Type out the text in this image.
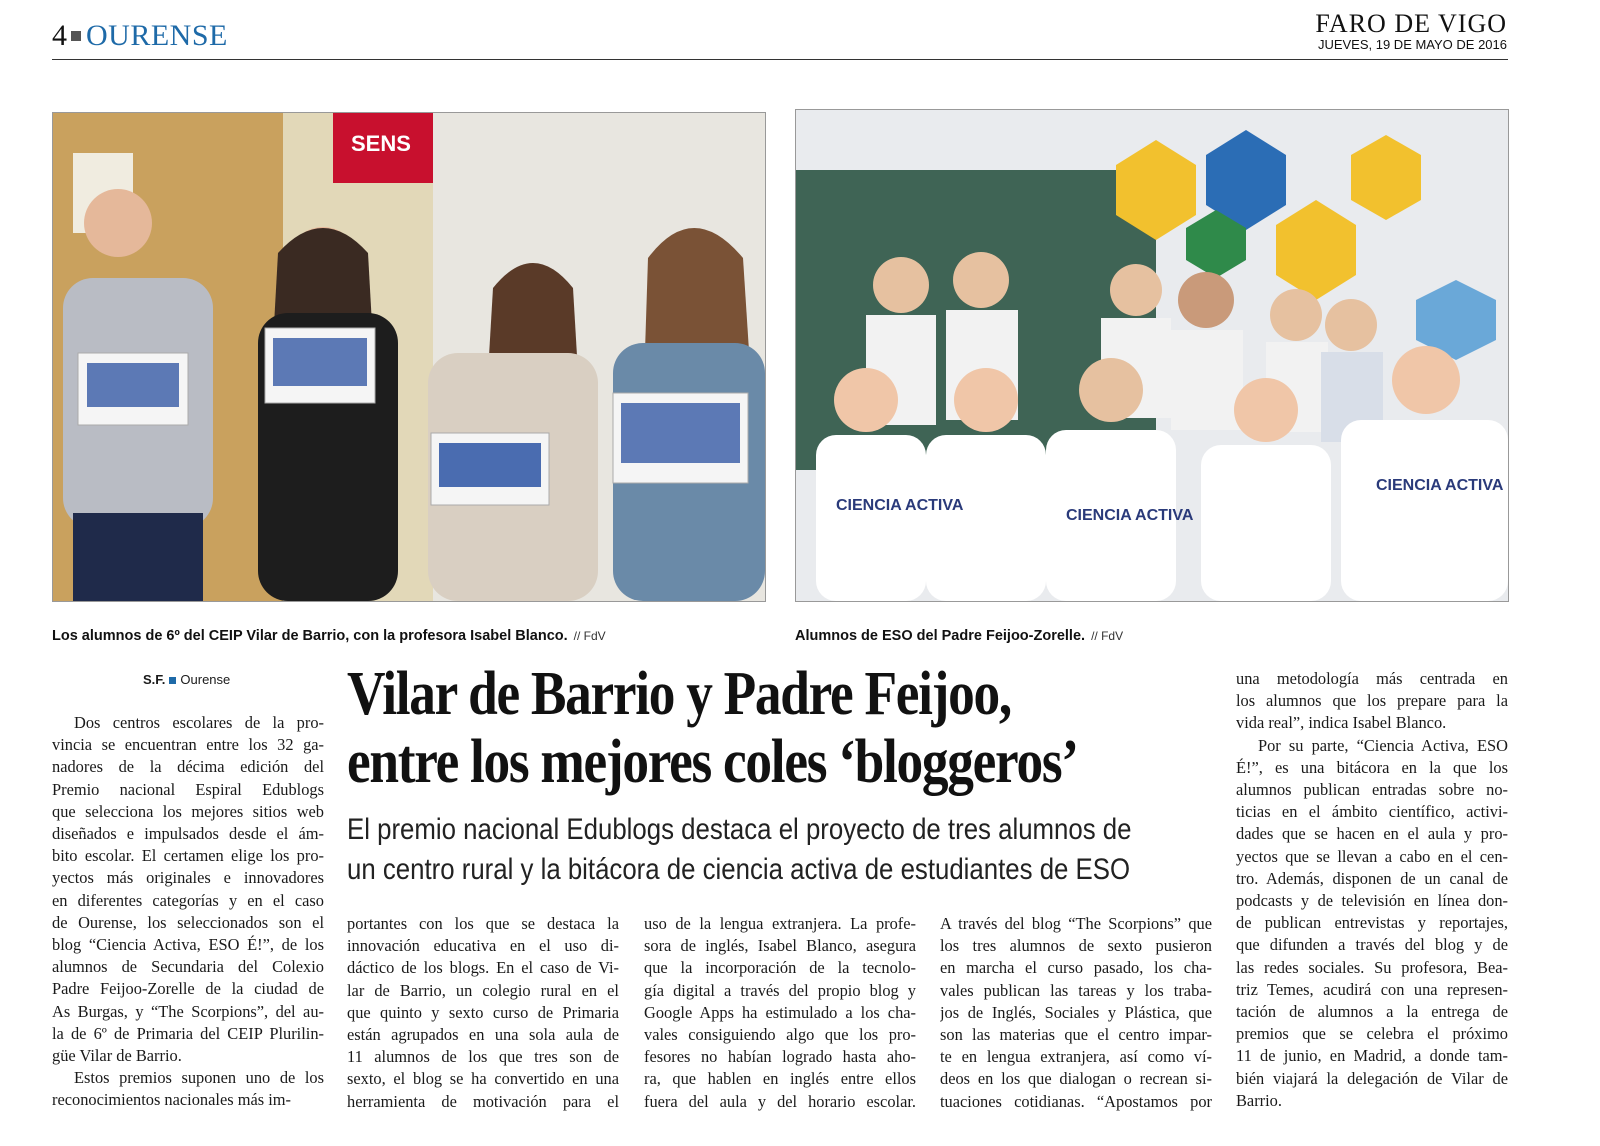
4 OURENSE	FARO DE VIGO
JUEVES, 19 DE MAYO DE 2016
SENS
CIENCIA ACTIVA
CIENCIA ACTIVA
CIENCIA ACTIVA
Los alumnos de 6º del CEIP Vilar de Barrio, con la profesora Isabel Blanco. // FdV	Alumnos de ESO del Padre Feijoo-Zorelle. // FdV
S.F. Ourense Vilar de Barrio y Padre Feijoo,
entre los mejores coles ‘bloggeros’
El premio nacional Edublogs destaca el proyecto de tres alumnos de
un centro rural y la bitácora de ciencia activa de estudiantes de ESO
Dos centros escolares de la pro-
vincia se encuentran entre los 32 ga-
nadores de la décima edición del
Premio nacional Espiral Edublogs
que selecciona los mejores sitios web
diseñados e impulsados desde el ám-
bito escolar. El certamen elige los pro-
yectos más originales e innovadores
en diferentes categorías y en el caso
de Ourense, los seleccionados son el
blog “Ciencia Activa, ESO É!”, de los
alumnos de Secundaria del Colexio
Padre Feijoo-Zorelle de la ciudad de
As Burgas, y “The Scorpions”, del au-
la de 6º de Primaria del CEIP Plurilin-
güe Vilar de Barrio.
Estos premios suponen uno de los
reconocimientos nacionales más im-
portantes con los que se destaca la
innovación educativa en el uso di-
dáctico de los blogs. En el caso de Vi-
lar de Barrio, un colegio rural en el
que quinto y sexto curso de Primaria
están agrupados en una sola aula de
11 alumnos de los que tres son de
sexto, el blog se ha convertido en una
herramienta de motivación para el
uso de la lengua extranjera. La profe-
sora de inglés, Isabel Blanco, asegura
que la incorporación de la tecnolo-
gía digital a través del propio blog y
Google Apps ha estimulado a los cha-
vales consiguiendo algo que los pro-
fesores no habían logrado hasta aho-
ra, que hablen en inglés entre ellos
fuera del aula y del horario escolar.
A través del blog “The Scorpions” que
los tres alumnos de sexto pusieron
en marcha el curso pasado, los cha-
vales publican las tareas y los traba-
jos de Inglés, Sociales y Plástica, que
son las materias que el centro impar-
te en lengua extranjera, así como ví-
deos en los que dialogan o recrean si-
tuaciones cotidianas. “Apostamos por
una metodología más centrada en
los alumnos que los prepare para la
vida real”, indica Isabel Blanco.
Por su parte, “Ciencia Activa, ESO
É!”, es una bitácora en la que los
alumnos publican entradas sobre no-
ticias en el ámbito científico, activi-
dades que se hacen en el aula y pro-
yectos que se llevan a cabo en el cen-
tro. Además, disponen de un canal de
podcasts y de televisión en línea don-
de publican entrevistas y reportajes,
que difunden a través del blog y de
las redes sociales. Su profesora, Bea-
triz Temes, acudirá con una represen-
tación de alumnos a la entrega de
premios que se celebra el próximo
11 de junio, en Madrid, a donde tam-
bién viajará la delegación de Vilar de
Barrio.
